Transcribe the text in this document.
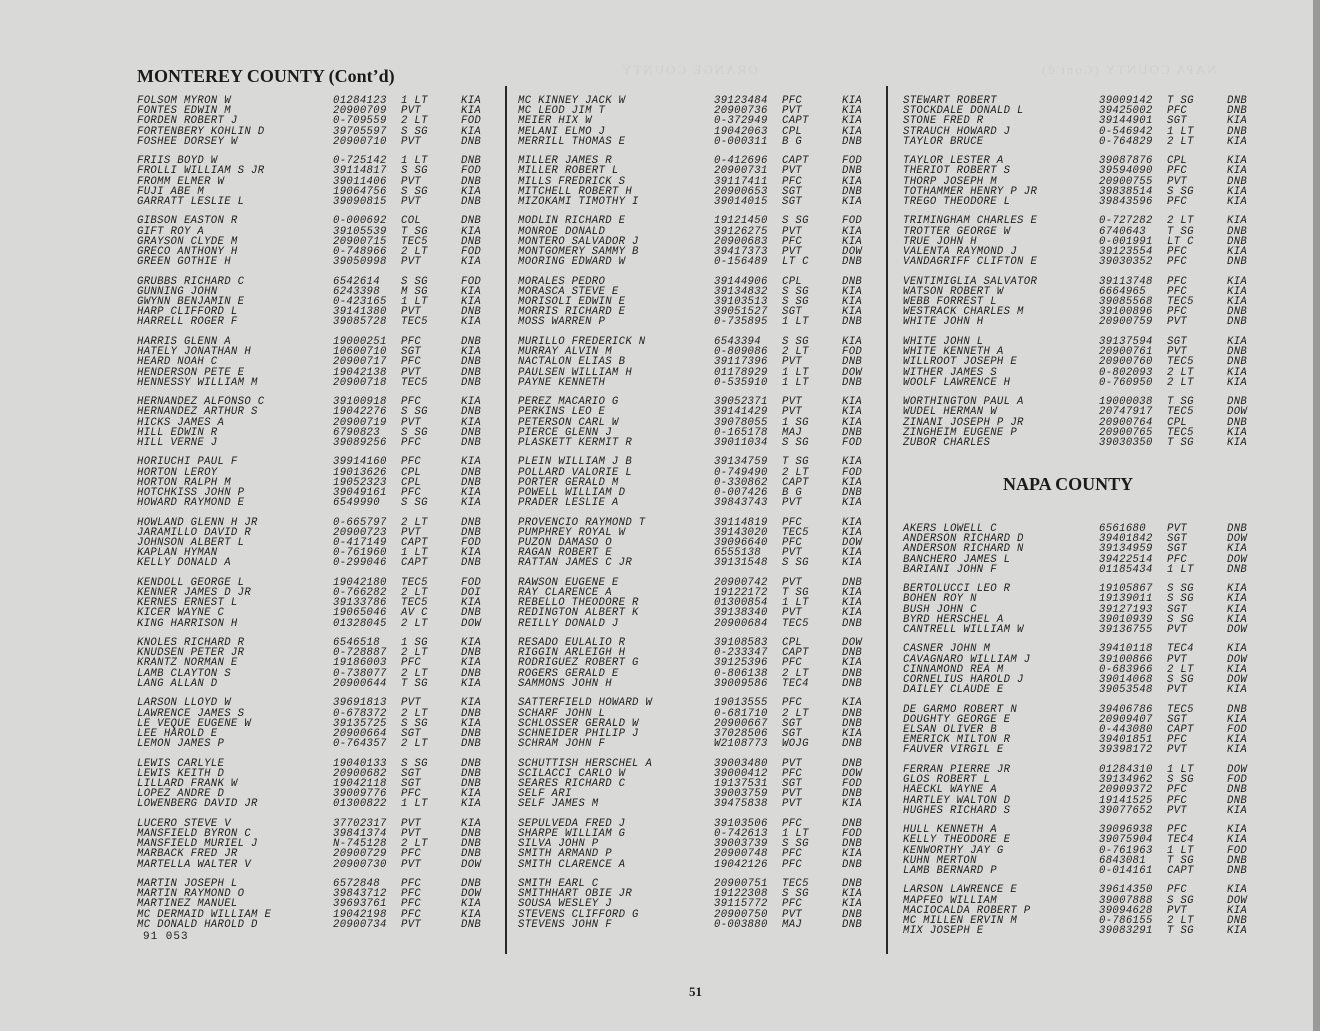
ORANGE COUNTY	NAPA COUNTY (Cont'd)
MONTEREY COUNTY (Cont’d)
FOLSOM MYRON W	01284123 1 LT	KIA
FONTES EDWIN M	20900709 PVT	KIA
FORDEN ROBERT J	0-709559 2 LT	FOD
FORTENBERY KOHLIN D	39705597 S SG	KIA
FOSHEE DORSEY W	20900710 PVT	DNB
FRIIS BOYD W	0-725142 1 LT	DNB
FROLLI WILLIAM S JR	39114817 S SG	FOD
FROMM ELMER W	39011406 PVT	DNB
FUJI ABE M	19064756 S SG	KIA
GARRATT LESLIE L	39090815 PVT	DNB
GIBSON EASTON R	0-000692 COL	DNB
GIFT ROY A	39105539 T SG	KIA
GRAYSON CLYDE M	20900715 TEC5	DNB
GRECO ANTHONY H	0-748966 2 LT	FOD
GREEN GOTHIE H	39050998 PVT	KIA
GRUBBS RICHARD C	6542614 S SG	FOD
GUNNING JOHN	6243398 M SG	KIA
GWYNN BENJAMIN E	0-423165 1 LT	KIA
HARP CLIFFORD L	39141380 PVT	DNB
HARRELL ROGER F	39085728 TEC5	KIA
HARRIS GLENN A	19000251 PFC	DNB
HATELY JONATHAN H	10600710 SGT	KIA
HEARD NOAH C	20900717 PFC	DNB
HENDERSON PETE E	19042138 PVT	DNB
HENNESSY WILLIAM M	20900718 TEC5	DNB
HERNANDEZ ALFONSO C	39100918 PFC	KIA
HERNANDEZ ARTHUR S	19042276 S SG	DNB
HICKS JAMES A	20900719 PVT	KIA
HILL EDWIN R	6790823 S SG	DNB
HILL VERNE J	39089256 PFC	DNB
HORIUCHI PAUL F	39914160 PFC	KIA
HORTON LEROY	19013626 CPL	DNB
HORTON RALPH M	19052323 CPL	DNB
HOTCHKISS JOHN P	39049161 PFC	KIA
HOWARD RAYMOND E	6549990 S SG	KIA
HOWLAND GLENN H JR	0-665797 2 LT	DNB
JARAMILLO DAVID R	20900723 PVT	DNB
JOHNSON ALBERT L	0-417149 CAPT	FOD
KAPLAN HYMAN	0-761960 1 LT	KIA
KELLY DONALD A	0-299046 CAPT	DNB
KENDOLL GEORGE L	19042180 TEC5	FOD
KENNER JAMES D JR	0-766282 2 LT	DOI
KERNES ERNEST L	39133786 TEC5	KIA
KICER WAYNE C	19065046 AV C	DNB
KING HARRISON H	01328045 2 LT	DOW
KNOLES RICHARD R	6546518 1 SG	KIA
KNUDSEN PETER JR	0-728887 2 LT	DNB
KRANTZ NORMAN E	19186003 PFC	KIA
LAMB CLAYTON S	0-738077 2 LT	DNB
LANG ALLAN D	20900644 T SG	KIA
LARSON LLOYD W	39691813 PVT	KIA
LAWRENCE JAMES S	0-678372 2 LT	DNB
LE VEQUE EUGENE W	39135725 S SG	KIA
LEE HAROLD E	20900664 SGT	DNB
LEMON JAMES P	0-764357 2 LT	DNB
LEWIS CARLYLE	19040133 S SG	DNB
LEWIS KEITH D	20900682 SGT	DNB
LILLARD FRANK W	19042118 SGT	DNB
LOPEZ ANDRE D	39009776 PFC	KIA
LOWENBERG DAVID JR	01300822 1 LT	KIA
LUCERO STEVE V	37702317 PVT	KIA
MANSFIELD BYRON C	39841374 PVT	DNB
MANSFIELD MURIEL J	N-745128 2 LT	DNB
MARBACK FRED JR	20900729 PFC	DNB
MARTELLA WALTER V	20900730 PVT	DOW
MARTIN JOSEPH L	6572848 PFC	DNB
MARTIN RAYMOND O	39843712 PFC	DOW
MARTINEZ MANUEL	39693761 PFC	KIA
MC DERMAID WILLIAM E	19042198 PFC	KIA
MC DONALD HAROLD D	20900734 PVT	DNB
MC KINNEY JACK W	39123484 PFC	KIA
MC LEOD JIM T	20900736 PVT	KIA
MEIER HIX W	0-372949 CAPT	KIA
MELANI ELMO J	19042063 CPL	KIA
MERRILL THOMAS E	0-000311 B G	DNB
MILLER JAMES R	0-412696 CAPT	FOD
MILLER ROBERT L	20900731 PVT	DNB
MILLS FREDRICK S	39117411 PFC	KIA
MITCHELL ROBERT H	20900653 SGT	DNB
MIZOKAMI TIMOTHY I	39014015 SGT	KIA
MODLIN RICHARD E	19121450 S SG	FOD
MONROE DONALD	39126275 PVT	KIA
MONTERO SALVADOR J	20900683 PFC	KIA
MONTGOMERY SAMMY B	39417373 PVT	DOW
MOORING EDWARD W	0-156489 LT C	DNB
MORALES PEDRO	39144906 CPL	DNB
MORASCA STEVE E	39134832 S SG	KIA
MORISOLI EDWIN E	39103513 S SG	KIA
MORRIS RICHARD E	39051527 SGT	KIA
MOSS WARREN P	0-735895 1 LT	DNB
MURILLO FREDERICK N	6543394 S SG	KIA
MURRAY ALVIN M	0-809086 2 LT	FOD
NACTALON ELIAS B	39117396 PVT	DNB
PAULSEN WILLIAM H	01178929 1 LT	DOW
PAYNE KENNETH	0-535910 1 LT	DNB
PEREZ MACARIO G	39052371 PVT	KIA
PERKINS LEO E	39141429 PVT	KIA
PETERSON CARL W	39078055 1 SG	KIA
PIERCE GLENN J	0-165178 MAJ	DNB
PLASKETT KERMIT R	39011034 S SG	FOD
PLEIN WILLIAM J B	39134759 T SG	KIA
POLLARD VALORIE L	0-749490 2 LT	FOD
PORTER GERALD M	0-330862 CAPT	KIA
POWELL WILLIAM D	0-007426 B G	DNB
PRADER LESLIE A	39843743 PVT	KIA
PROVENCIO RAYMOND T	39114819 PFC	KIA
PUMPHREY ROYAL W	39143020 TEC5	KIA
PUZON DAMASO O	39096640 PFC	DOW
RAGAN ROBERT E	6555138 PVT	KIA
RATTAN JAMES C JR	39131548 S SG	KIA
RAWSON EUGENE E	20900742 PVT	DNB
RAY CLARENCE A	19122172 T SG	KIA
REBELLO THEODORE R	01300854 1 LT	KIA
REDINGTON ALBERT K	39138340 PVT	KIA
REILLY DONALD J	20900684 TEC5	DNB
RESADO EULALIO R	39108583 CPL	DOW
RIGGIN ARLEIGH H	0-233347 CAPT	DNB
RODRIGUEZ ROBERT G	39125396 PFC	KIA
ROGERS GERALD E	0-806138 2 LT	DNB
SAMMONS JOHN H	39009586 TEC4	DNB
SATTERFIELD HOWARD W	19013555 PFC	KIA
SCHARF JOHN L	0-681710 2 LT	DNB
SCHLOSSER GERALD W	20900667 SGT	DNB
SCHNEIDER PHILIP J	37028506 SGT	KIA
SCHRAM JOHN F	W2108773 WOJG	DNB
SCHUTTISH HERSCHEL A	39003480 PVT	DNB
SCILACCI CARLO W	39000412 PFC	DOW
SEARES RICHARD C	19137531 SGT	FOD
SELF ARI	39003759 PVT	DNB
SELF JAMES M	39475838 PVT	KIA
SEPULVEDA FRED J	39103506 PFC	DNB
SHARPE WILLIAM G	0-742613 1 LT	FOD
SILVA JOHN P	39003739 S SG	DNB
SMITH ARMAND P	20900748 PFC	KIA
SMITH CLARENCE A	19042126 PFC	DNB
SMITH EARL C	20900751 TEC5	DNB
SMITHHART OBIE JR	19122308 S SG	KIA
SOUSA WESLEY J	39115772 PFC	KIA
STEVENS CLIFFORD G	20900750 PVT	DNB
STEVENS JOHN F	0-003880 MAJ	DNB
STEWART ROBERT	39009142 T SG	DNB
STOCKDALE DONALD L	39425002 PFC	DNB
STONE FRED R	39144901 SGT	KIA
STRAUCH HOWARD J	0-546942 1 LT	DNB
TAYLOR BRUCE	0-764829 2 LT	KIA
TAYLOR LESTER A	39087876 CPL	KIA
THERIOT ROBERT S	39594090 PFC	KIA
THORP JOSEPH M	20900755 PVT	DNB
TOTHAMMER HENRY P JR	39838514 S SG	KIA
TREGO THEODORE L	39843596 PFC	KIA
TRIMINGHAM CHARLES E	0-727282 2 LT	KIA
TROTTER GEORGE W	6740643 T SG	DNB
TRUE JOHN H	0-001991 LT C	DNB
VALENTA RAYMOND J	39123554 PFC	KIA
VANDAGRIFF CLIFTON E	39030352 PFC	DNB
VENTIMIGLIA SALVATOR	39113748 PFC	KIA
WATSON ROBERT W	6664965 PFC	KIA
WEBB FORREST L	39085568 TEC5	KIA
WESTRACK CHARLES M	39100896 PFC	DNB
WHITE JOHN H	20900759 PVT	DNB
WHITE JOHN L	39137594 SGT	KIA
WHITE KENNETH A	20900761 PVT	DNB
WILLROOT JOSEPH E	20900760 TEC5	DNB
WITHER JAMES S	0-802093 2 LT	KIA
WOOLF LAWRENCE H	0-760950 2 LT	KIA
WORTHINGTON PAUL A	19000038 T SG	DNB
WUDEL HERMAN W	20747917 TEC5	DOW
ZINANI JOSEPH P JR	20900764 CPL	DNB
ZINGHEIM EUGENE P	20900765 TEC5	KIA
ZUBOR CHARLES	39030350 T SG	KIA
NAPA COUNTY
AKERS LOWELL C	6561680 PVT	DNB
ANDERSON RICHARD D	39401842 SGT	DOW
ANDERSON RICHARD N	39134959 SGT	KIA
BANCHERO JAMES L	39422514 PFC	DOW
BARIANI JOHN F	01185434 1 LT	DNB
BERTOLUCCI LEO R	19105867 S SG	KIA
BOHEN ROY N	19139011 S SG	KIA
BUSH JOHN C	39127193 SGT	KIA
BYRD HERSCHEL A	39010939 S SG	KIA
CANTRELL WILLIAM W	39136755 PVT	DOW
CASNER JOHN M	39410118 TEC4	KIA
CAVAGNARO WILLIAM J	39100866 PVT	DOW
CINNAMOND REA M	0-683966 2 LT	KIA
CORNELIUS HAROLD J	39014068 S SG	DOW
DAILEY CLAUDE E	39053548 PVT	KIA
DE GARMO ROBERT N	39406786 TEC5	DNB
DOUGHTY GEORGE E	20909407 SGT	KIA
ELSAN OLIVER B	0-443080 CAPT	FOD
EMERICK MILTON R	39401851 PFC	KIA
FAUVER VIRGIL E	39398172 PVT	KIA
FERRAN PIERRE JR	01284310 1 LT	DOW
GLOS ROBERT L	39134962 S SG	FOD
HAECKL WAYNE A	20909372 PFC	DNB
HARTLEY WALTON D	19141525 PFC	DNB
HUGHES RICHARD S	39077652 PVT	KIA
HULL KENNETH A	39096938 PFC	KIA
KELLY THEODORE E	39075904 TEC4	KIA
KENWORTHY JAY G	0-761963 1 LT	FOD
KUHN MERTON	6843081 T SG	DNB
LAMB BERNARD P	0-014161 CAPT	DNB
LARSON LAWRENCE E	39614350 PFC	KIA
MAPFEO WILLIAM	39007888 S SG	DOW
MACIOCALDA ROBERT P	39094628 PVT	KIA
MC MILLEN ERVIN M	0-786155 2 LT	DNB
MIX JOSEPH E	39083291 T SG	KIA
91 053
51
